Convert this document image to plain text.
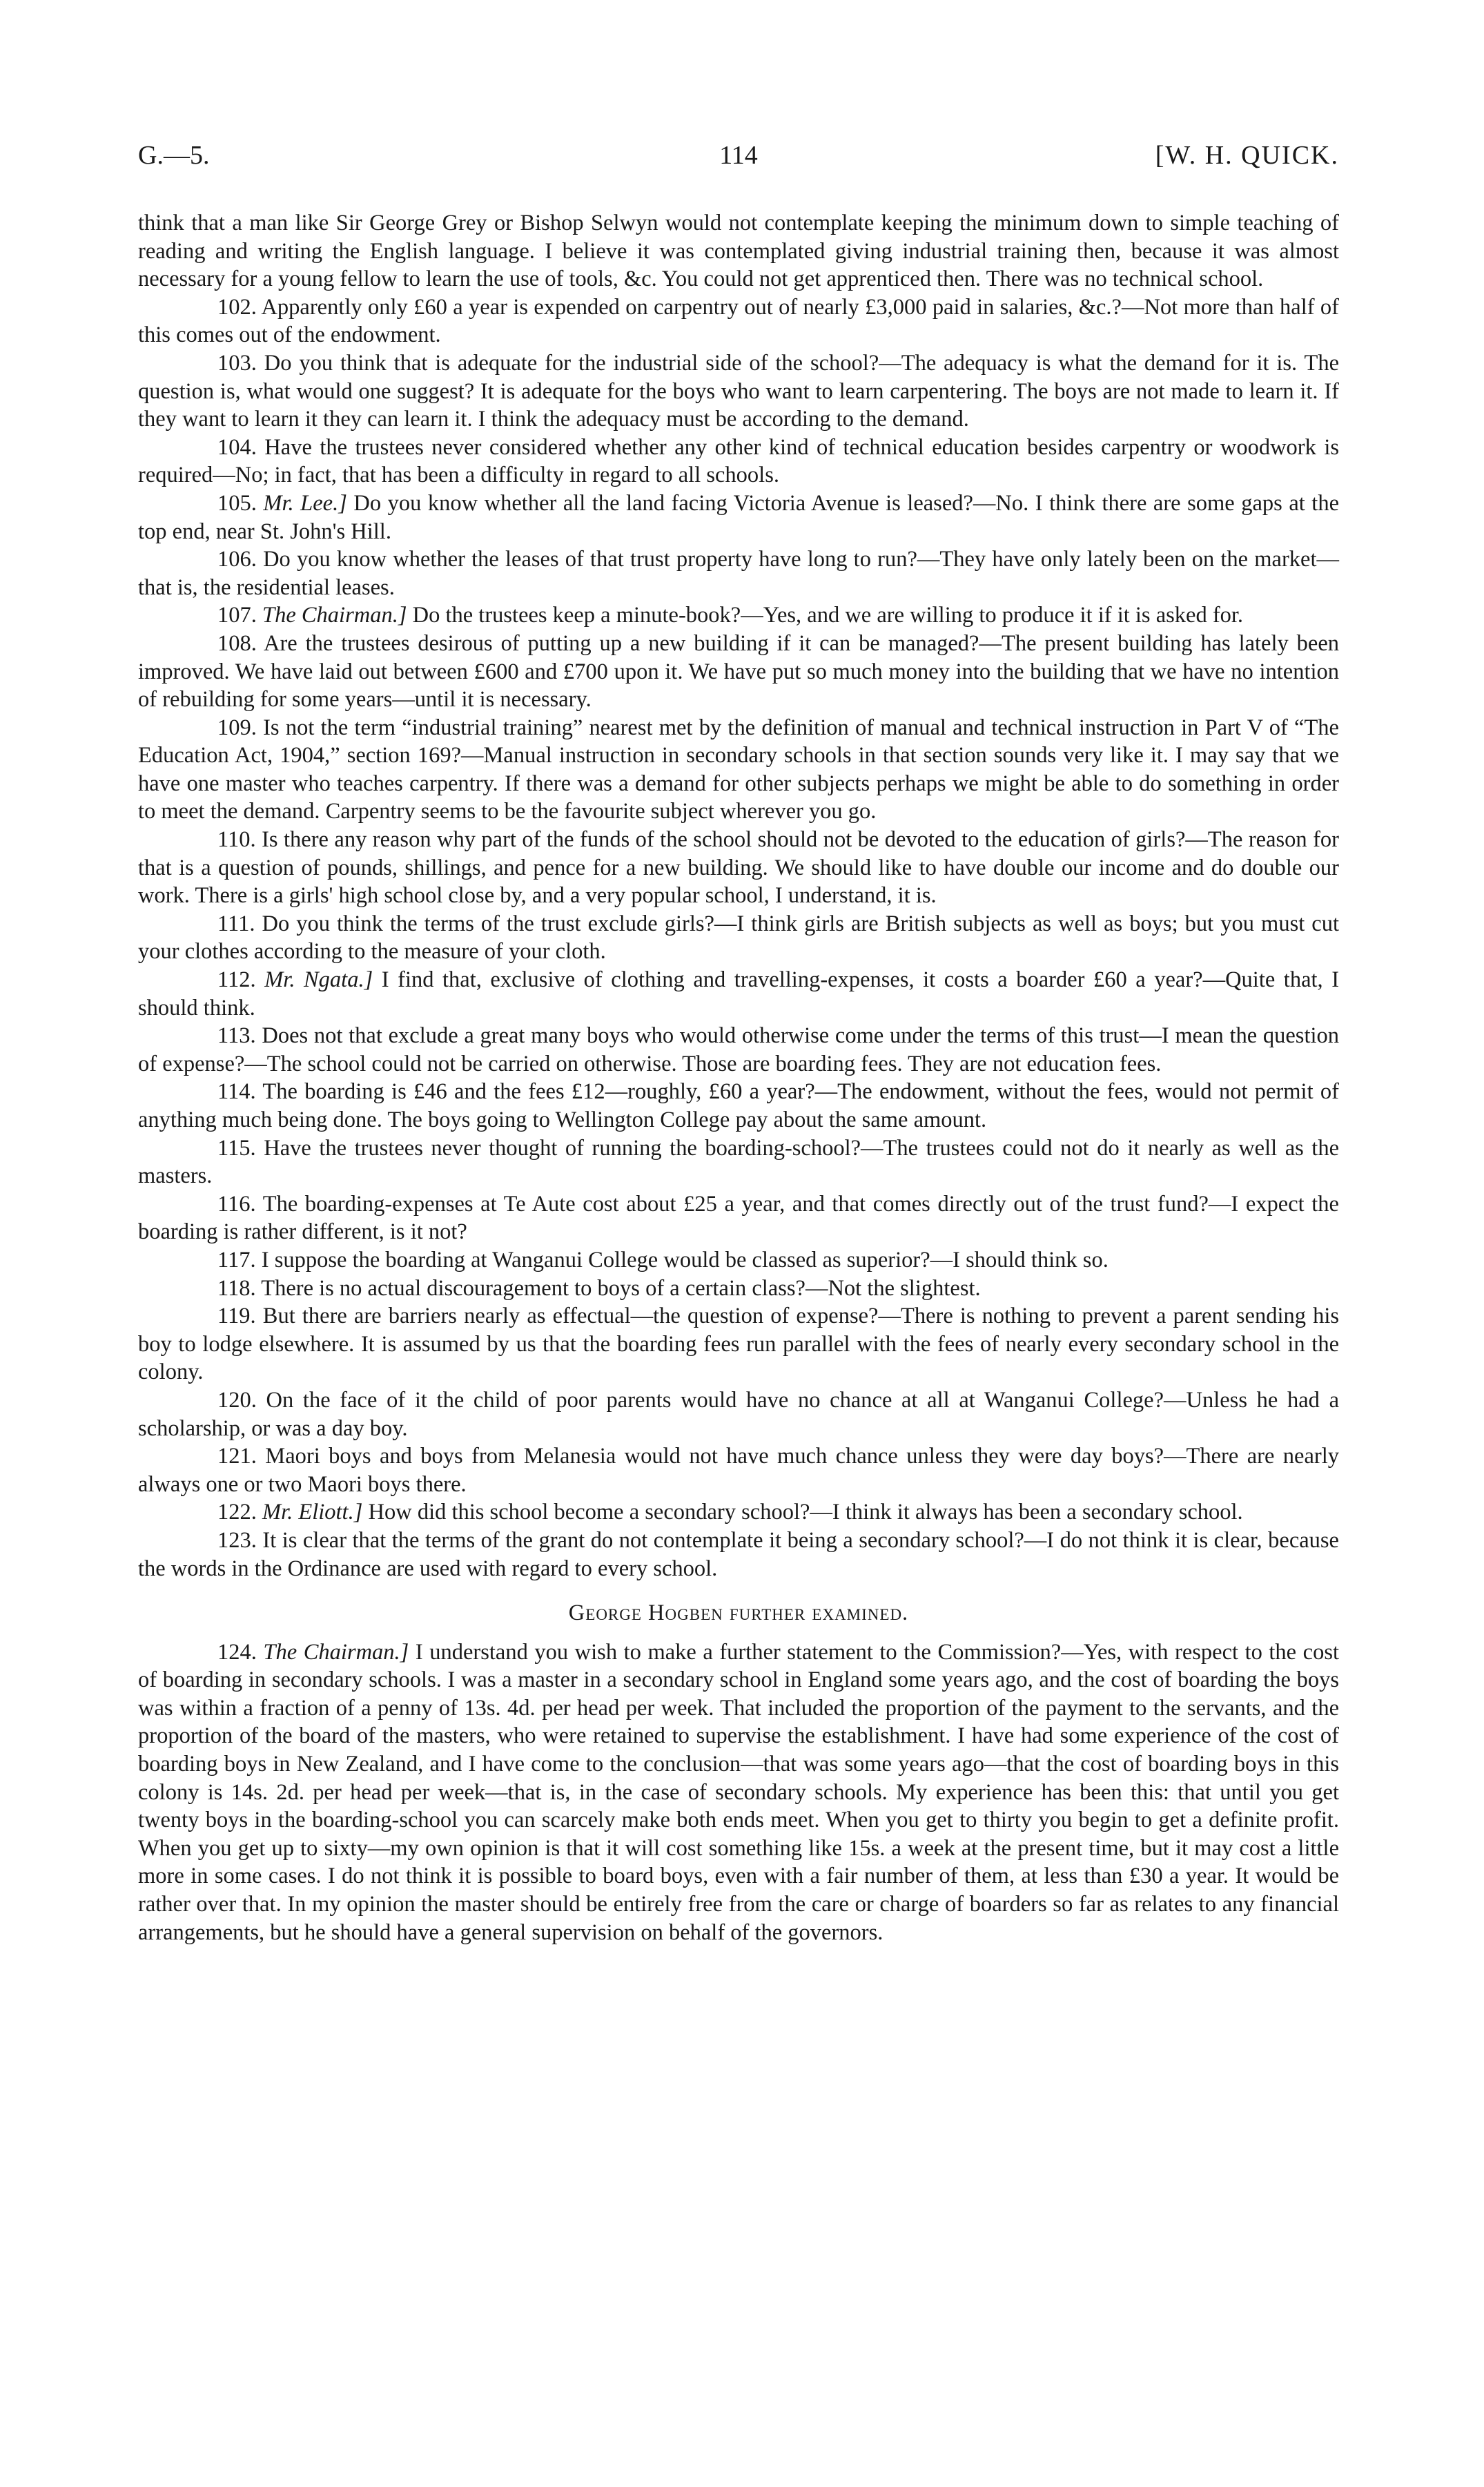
G.—5.	114	[W. H. QUICK.

think that a man like Sir George Grey or Bishop Selwyn would not contemplate keeping the minimum down to simple teaching of reading and writing the English language. I believe it was contemplated giving industrial training then, because it was almost necessary for a young fellow to learn the use of tools, &c. You could not get apprenticed then. There was no technical school.

102. Apparently only £60 a year is expended on carpentry out of nearly £3,000 paid in salaries, &c.?—Not more than half of this comes out of the endowment.

103. Do you think that is adequate for the industrial side of the school?—The adequacy is what the demand for it is. The question is, what would one suggest? It is adequate for the boys who want to learn carpentering. The boys are not made to learn it. If they want to learn it they can learn it. I think the adequacy must be according to the demand.

104. Have the trustees never considered whether any other kind of technical education besides carpentry or woodwork is required—No; in fact, that has been a difficulty in regard to all schools.

105. Mr. Lee.] Do you know whether all the land facing Victoria Avenue is leased?—No. I think there are some gaps at the top end, near St. John's Hill.

106. Do you know whether the leases of that trust property have long to run?—They have only lately been on the market—that is, the residential leases.

107. The Chairman.] Do the trustees keep a minute-book?—Yes, and we are willing to produce it if it is asked for.

108. Are the trustees desirous of putting up a new building if it can be managed?—The present building has lately been improved. We have laid out between £600 and £700 upon it. We have put so much money into the building that we have no intention of rebuilding for some years—until it is necessary.

109. Is not the term “industrial training” nearest met by the definition of manual and technical instruction in Part V of “The Education Act, 1904,” section 169?—Manual instruction in secondary schools in that section sounds very like it. I may say that we have one master who teaches carpentry. If there was a demand for other subjects perhaps we might be able to do something in order to meet the demand. Carpentry seems to be the favourite subject wherever you go.

110. Is there any reason why part of the funds of the school should not be devoted to the education of girls?—The reason for that is a question of pounds, shillings, and pence for a new building. We should like to have double our income and do double our work. There is a girls' high school close by, and a very popular school, I understand, it is.

111. Do you think the terms of the trust exclude girls?—I think girls are British subjects as well as boys; but you must cut your clothes according to the measure of your cloth.

112. Mr. Ngata.] I find that, exclusive of clothing and travelling-expenses, it costs a boarder £60 a year?—Quite that, I should think.

113. Does not that exclude a great many boys who would otherwise come under the terms of this trust—I mean the question of expense?—The school could not be carried on otherwise. Those are boarding fees. They are not education fees.

114. The boarding is £46 and the fees £12—roughly, £60 a year?—The endowment, without the fees, would not permit of anything much being done. The boys going to Wellington College pay about the same amount.

115. Have the trustees never thought of running the boarding-school?—The trustees could not do it nearly as well as the masters.

116. The boarding-expenses at Te Aute cost about £25 a year, and that comes directly out of the trust fund?—I expect the boarding is rather different, is it not?

117. I suppose the boarding at Wanganui College would be classed as superior?—I should think so.

118. There is no actual discouragement to boys of a certain class?—Not the slightest.

119. But there are barriers nearly as effectual—the question of expense?—There is nothing to prevent a parent sending his boy to lodge elsewhere. It is assumed by us that the boarding fees run parallel with the fees of nearly every secondary school in the colony.

120. On the face of it the child of poor parents would have no chance at all at Wanganui College?—Unless he had a scholarship, or was a day boy.

121. Maori boys and boys from Melanesia would not have much chance unless they were day boys?—There are nearly always one or two Maori boys there.

122. Mr. Eliott.] How did this school become a secondary school?—I think it always has been a secondary school.

123. It is clear that the terms of the grant do not contemplate it being a secondary school?—I do not think it is clear, because the words in the Ordinance are used with regard to every school.

George Hogben further examined.

124. The Chairman.] I understand you wish to make a further statement to the Commission?—Yes, with respect to the cost of boarding in secondary schools. I was a master in a secondary school in England some years ago, and the cost of boarding the boys was within a fraction of a penny of 13s. 4d. per head per week. That included the proportion of the payment to the servants, and the proportion of the board of the masters, who were retained to supervise the establishment. I have had some experience of the cost of boarding boys in New Zealand, and I have come to the conclusion—that was some years ago—that the cost of boarding boys in this colony is 14s. 2d. per head per week—that is, in the case of secondary schools. My experience has been this: that until you get twenty boys in the boarding-school you can scarcely make both ends meet. When you get to thirty you begin to get a definite profit. When you get up to sixty—my own opinion is that it will cost something like 15s. a week at the present time, but it may cost a little more in some cases. I do not think it is possible to board boys, even with a fair number of them, at less than £30 a year. It would be rather over that. In my opinion the master should be entirely free from the care or charge of boarders so far as relates to any financial arrangements, but he should have a general supervision on behalf of the governors.
